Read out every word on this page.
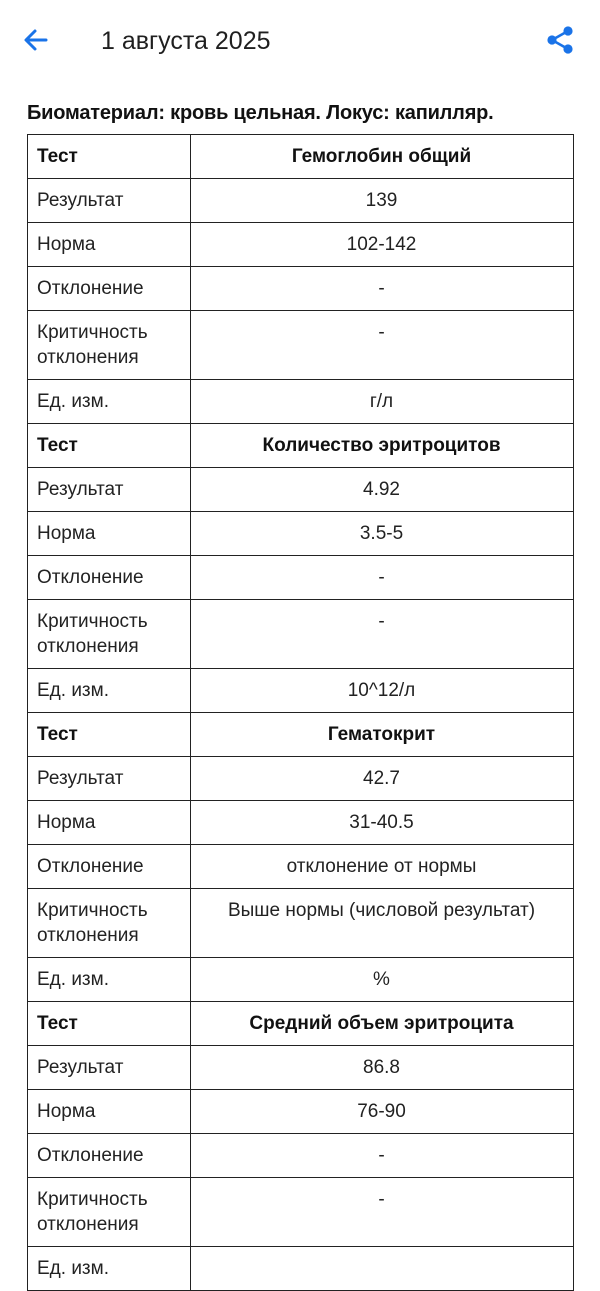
1 августа 2025
Биоматериал: кровь цельная. Локус: капилляр.
Тест	Гемоглобин общий
Результат	139
Норма	102-142
Отклонение	-
Критичность отклонения	-
Ед. изм.	г/л
Тест	Количество эритроцитов
Результат	4.92
Норма	3.5-5
Отклонение	-
Критичность отклонения	-
Ед. изм.	10^12/л
Тест	Гематокрит
Результат	42.7
Норма	31-40.5
Отклонение	отклонение от нормы
Критичность отклонения	Выше нормы (числовой результат)
Ед. изм.	%
Тест	Средний объем эритроцита
Результат	86.8
Норма	76-90
Отклонение	-
Критичность отклонения	-
Ед. изм.	
